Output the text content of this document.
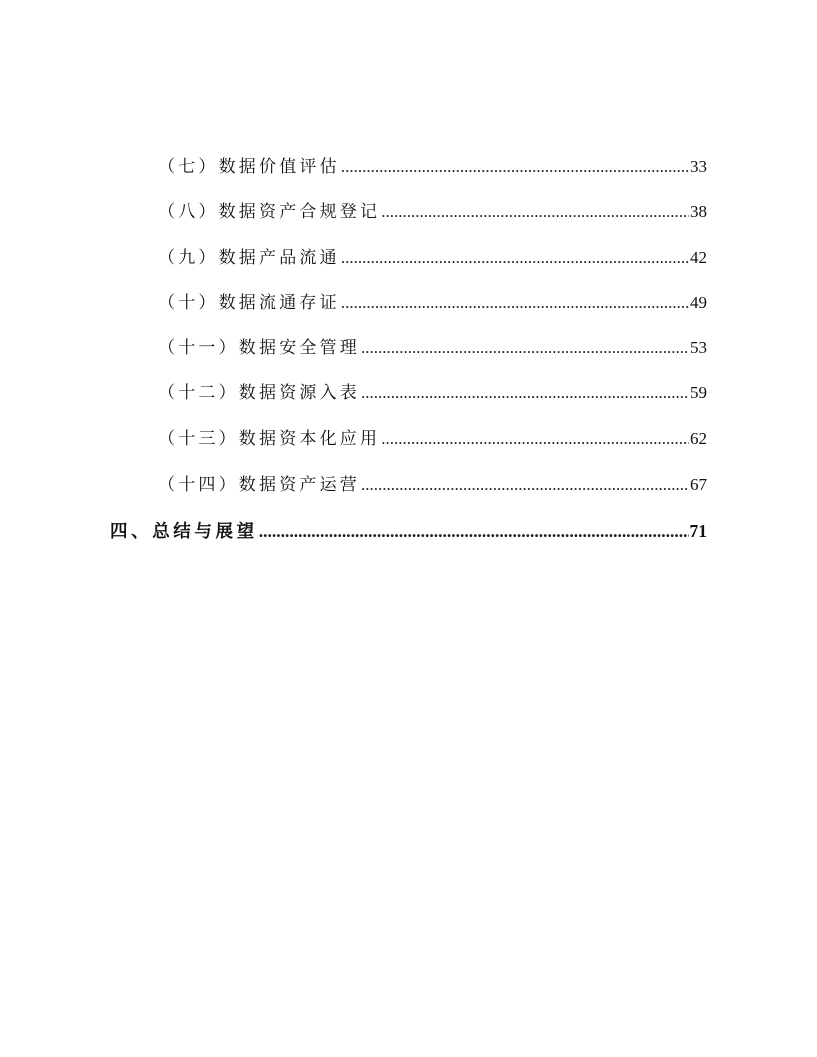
（七）数据价值评估 .....	33
（八）数据资产合规登记 .....	38
（九）数据产品流通 .....	42
（十）数据流通存证 .....	49
（十一）数据安全管理 .....	53
（十二）数据资源入表 .....	59
（十三）数据资本化应用 .....	62
（十四）数据资产运营 .....	67
四、总结与展望 .....	71
